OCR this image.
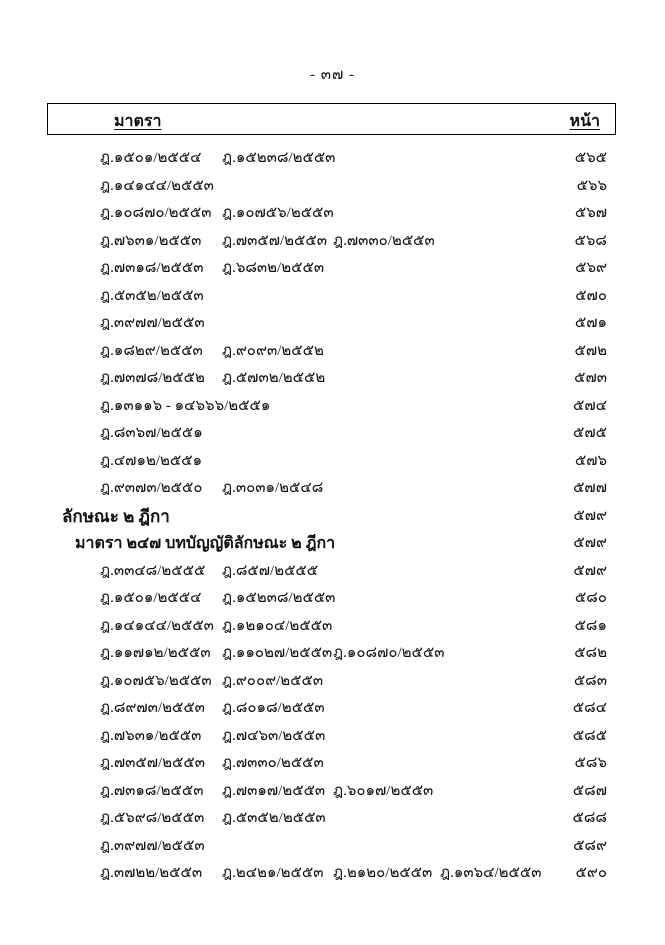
- ๓๗ -
มาตรา	หน้า
ฎ.๑๕๐๑/๒๕๕๔ ฎ.๑๕๒๓๘/๒๕๕๓	๕๖๕
ฎ.๑๔๑๔๔/๒๕๕๓	๕๖๖
ฎ.๑๐๘๗๐/๒๕๕๓ ฎ.๑๐๗๕๖/๒๕๕๓	๕๖๗
ฎ.๗๖๓๑/๒๕๕๓ ฎ.๗๓๕๗/๒๕๕๓ ฎ.๗๓๓๐/๒๕๕๓	๕๖๘
ฎ.๗๓๑๘/๒๕๕๓ ฎ.๖๘๓๒/๒๕๕๓	๕๖๙
ฎ.๕๓๕๒/๒๕๕๓	๕๗๐
ฎ.๓๙๗๗/๒๕๕๓	๕๗๑
ฎ.๑๘๒๙/๒๕๕๓ ฎ.๙๐๙๓/๒๕๕๒	๕๗๒
ฎ.๗๓๗๘/๒๕๕๒ ฎ.๕๗๓๒/๒๕๕๒	๕๗๓
ฎ.๑๓๑๑๖ - ๑๔๖๖๖/๒๕๕๑	๕๗๔
ฎ.๘๓๖๗/๒๕๕๑	๕๗๕
ฎ.๔๗๑๒/๒๕๕๑	๕๗๖
ฎ.๙๓๗๓/๒๕๕๐ ฎ.๓๐๓๑/๒๕๔๘	๕๗๗
ลักษณะ ๒ ฎีกา	๕๗๙
มาตรา ๒๔๗ บทบัญญัติลักษณะ ๒ ฎีกา	๕๗๙
ฎ.๓๓๔๘/๒๕๕๕ ฎ.๘๕๗/๒๕๕๕	๕๗๙
ฎ.๑๕๐๑/๒๕๕๔ ฎ.๑๕๒๓๘/๒๕๕๓	๕๘๐
ฎ.๑๔๑๔๔/๒๕๕๓ ฎ.๑๒๑๐๔/๒๕๕๓	๕๘๑
ฎ.๑๑๗๑๒/๒๕๕๓ ฎ.๑๑๐๒๗/๒๕๕๓ฎ.๑๐๘๗๐/๒๕๕๓	๕๘๒
ฎ.๑๐๗๕๖/๒๕๕๓ ฎ.๙๐๐๙/๒๕๕๓	๕๘๓
ฎ.๘๙๗๓/๒๕๕๓ ฎ.๘๐๑๘/๒๕๕๓	๕๘๔
ฎ.๗๖๓๑/๒๕๕๓ ฎ.๗๔๖๓/๒๕๕๓	๕๘๕
ฎ.๗๓๕๗/๒๕๕๓ ฎ.๗๓๓๐/๒๕๕๓	๕๘๖
ฎ.๗๓๑๘/๒๕๕๓ ฎ.๗๓๑๗/๒๕๕๓ ฎ.๖๐๑๗/๒๕๕๓	๕๘๗
ฎ.๕๖๙๘/๒๕๕๓ ฎ.๕๓๕๒/๒๕๕๓	๕๘๘
ฎ.๓๙๗๗/๒๕๕๓	๕๘๙
ฎ.๓๗๒๒/๒๕๕๓ ฎ.๒๔๒๑/๒๕๕๓ ฎ.๒๑๒๐/๒๕๕๓ ฎ.๑๓๖๔/๒๕๕๓ ๕๙๐
